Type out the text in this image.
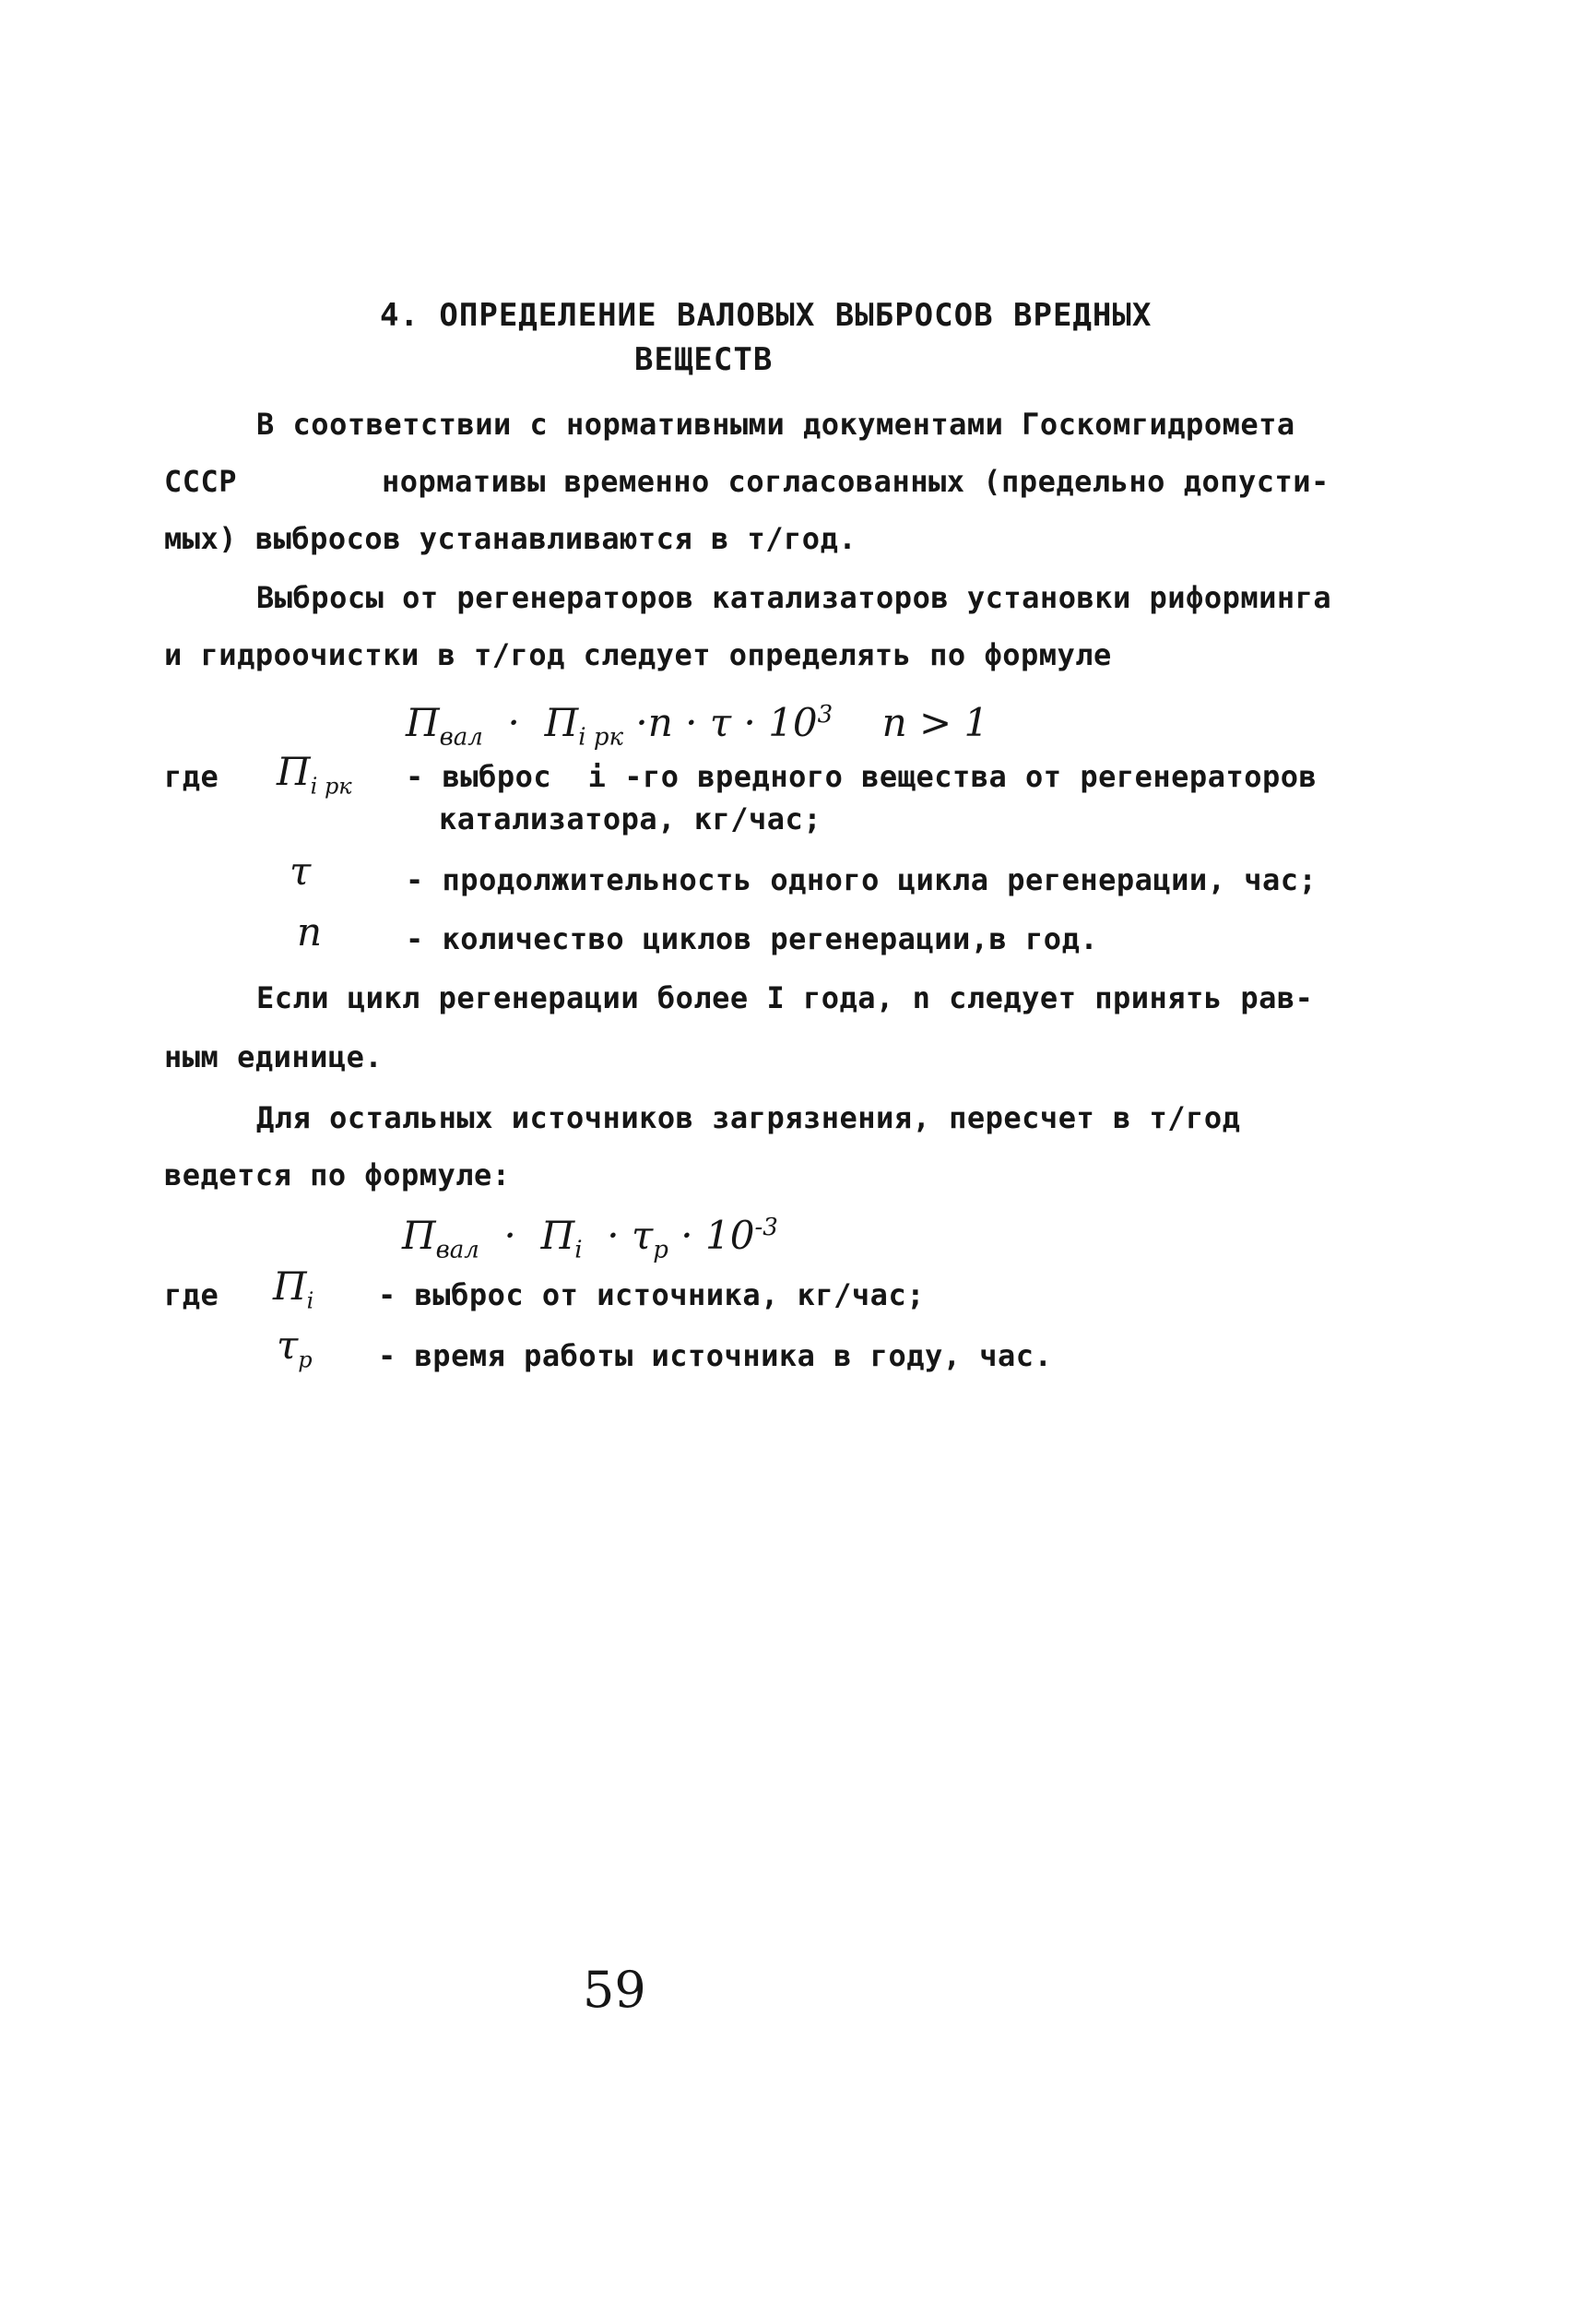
4. ОПРЕДЕЛЕНИЕ ВАЛОВЫХ ВЫБРОСОВ ВРЕДНЫХ
ВЕЩЕСТВ
В соответствии с нормативными документами Госкомгидромета
СССР	нормативы временно согласованных (предельно допусти-
мых) выбросов устанавливаются в т/год.
Выбросы от регенераторов катализаторов установки риформинга
и гидроочистки в т/год следует определять по формуле
$П_{вал} \cdot П_{i рк} \cdot n \cdot \tau \cdot 10^3$ n > 1
где $П_{i рк}$ - выброс  i -го вредного вещества от регенераторов
катализатора, кг/час;
τ	- продолжительность одного цикла регенерации, час;
n	- количество циклов регенерации,в год.
Если цикл регенерации более I года, n следует принять рав-
ным единице.
Для остальных источников загрязнения, пересчет в т/год
ведется по формуле:
$П_{вал} \cdot П_i \cdot \tau_р \cdot 10^{-3}$
где $П_i$ - выброс от источника, кг/час;
$\tau_р$ - время работы источника в году, час.
59
